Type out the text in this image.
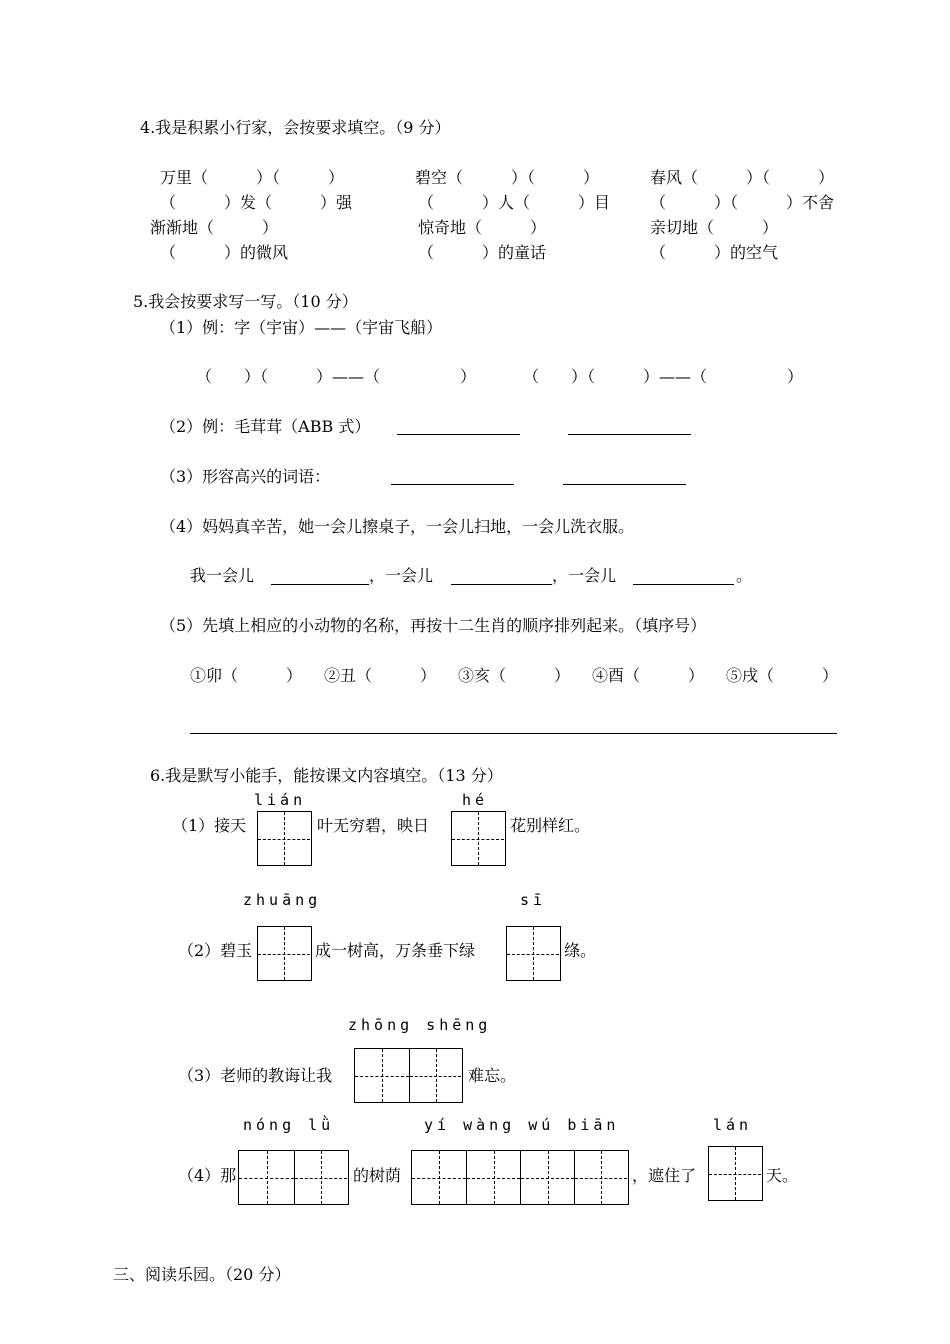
4.我是积累小行家，会按要求填空。（9 分）
万里（　　　）（　　　）	碧空（　　　）（　　　）	春风（　　　）（　　　）
（　　　）发（　　　）强	（　　　）人（　　　）目 （　　　）（　　　）不舍
渐渐地（　　　）	惊奇地（　　　）	亲切地（　　　）
（　　　）的微风	（　　　）的童话	（　　　）的空气
5.我会按要求写一写。（10 分）
（1）例：字（宇宙）——（宇宙飞船）
（　　）（　　　）——（　　　　　）	（　　）（　　　）——（　　　　　）
（2）例：毛茸茸（ABB 式）
（3）形容高兴的词语：
（4）妈妈真辛苦，她一会儿擦桌子，一会儿扫地，一会儿洗衣服。
我一会儿	，一会儿	，一会儿	。
（5）先填上相应的小动物的名称，再按十二生肖的顺序排列起来。（填序号）
①卯（　　　） ②丑（　　　） ③亥（　　　） ④酉（　　　） ⑤戌（　　　）
6.我是默写小能手，能按课文内容填空。（13 分）
lián	hé
（1）接天	叶无穷碧，映日	花别样红。
zhuāng	sī
（2）碧玉	成一树高，万条垂下绿	绦。
zhōng shēng
（3）老师的教诲让我	难忘。
nóng lǜ	yí wàng wú biān	lán
（4）那	的树荫	，遮住了	天。
三、阅读乐园。（20 分）
